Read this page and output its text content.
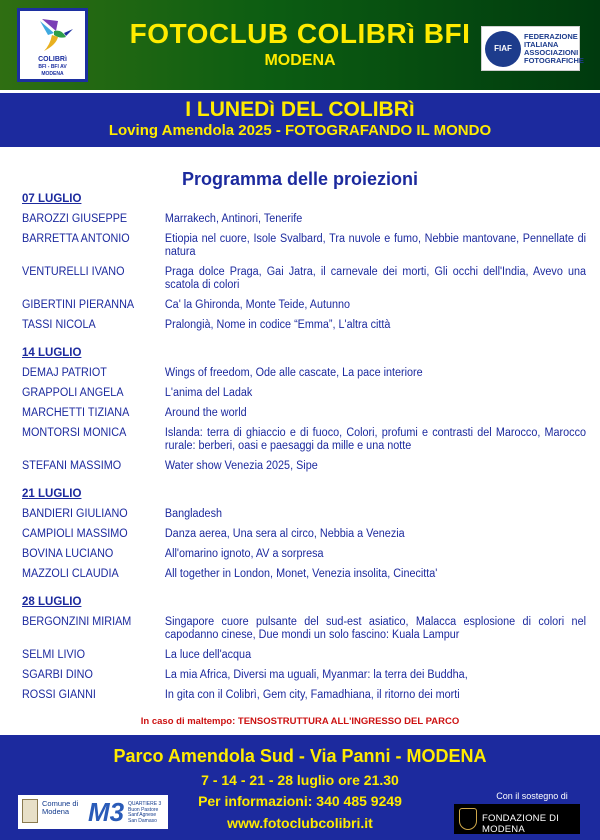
COLIBRì
BFI - BFI AV
MODENA
FOTOCLUB COLIBRì BFI
MODENA
FIAF
FEDERAZIONE ITALIANA ASSOCIAZIONI FOTOGRAFICHE
I LUNEDì DEL COLIBRì
Loving Amendola 2025 - FOTOGRAFANDO IL MONDO
Programma delle proiezioni
07 LUGLIO
BAROZZI GIUSEPPE	Marrakech, Antinori, Tenerife
BARRETTA ANTONIO	Etiopia nel cuore, Isole Svalbard, Tra nuvole e fumo, Nebbie mantovane, Pennellate di natura
VENTURELLI IVANO	Praga dolce Praga, Gai Jatra, il carnevale dei morti, Gli occhi dell'India, Avevo una scatola di colori
GIBERTINI PIERANNA	Ca' la Ghironda, Monte Teide, Autunno
TASSI NICOLA	Pralongià, Nome in codice “Emma”, L'altra città
14 LUGLIO
DEMAJ PATRIOT	Wings of freedom, Ode alle cascate, La pace interiore
GRAPPOLI ANGELA	L'anima del Ladak
MARCHETTI TIZIANA	Around the world
MONTORSI MONICA	Islanda: terra di ghiaccio e di fuoco, Colori, profumi e contrasti del Marocco, Marocco rurale: berberi, oasi e paesaggi da mille e una notte
STEFANI MASSIMO	Water show Venezia 2025, Sipe
21 LUGLIO
BANDIERI GIULIANO	Bangladesh
CAMPIOLI MASSIMO	Danza aerea, Una sera al circo, Nebbia a Venezia
BOVINA LUCIANO	All'omarino ignoto, AV a sorpresa
MAZZOLI CLAUDIA	All together in London, Monet, Venezia insolita, Cinecitta'
28 LUGLIO
BERGONZINI MIRIAM	Singapore cuore pulsante del sud-est asiatico, Malacca esplosione di colori nel capodanno cinese, Due mondi un solo fascino: Kuala Lampur
SELMI LIVIO	La luce dell'acqua
SGARBI DINO	La mia Africa, Diversi ma uguali, Myanmar: la terra dei Buddha,
ROSSI GIANNI	In gita con il Colibrì, Gem city, Famadhiana, il ritorno dei morti
In caso di maltempo: TENSOSTRUTTURA ALL'INGRESSO DEL PARCO
Parco Amendola Sud - Via Panni - MODENA
7 - 14 - 21 - 28 luglio ore 21.30
Per informazioni: 340 485 9249
www.fotoclubcolibri.it
Comune di Modena M3 QUARTIERE 3 Buon Pastore Sant'Agnese San Damaso
Con il sostegno di
FONDAZIONE DI MODENA
